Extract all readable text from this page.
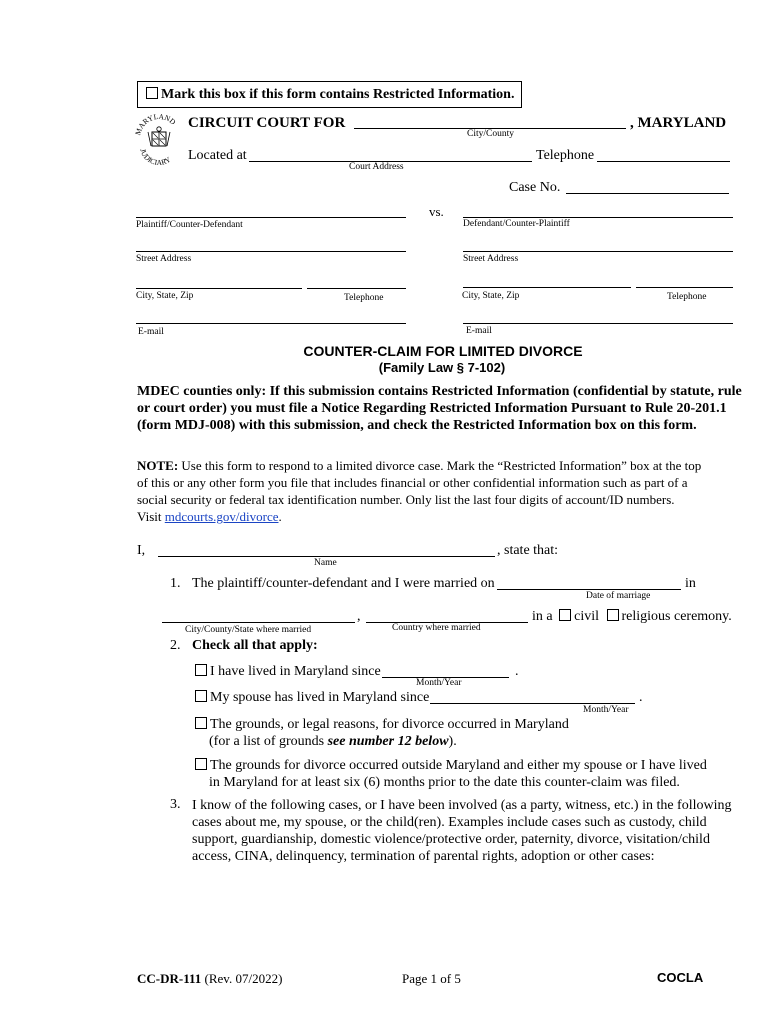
Mark this box if this form contains Restricted Information.
MARYLAND
JUDICIARY
CIRCUIT COURT FOR	, MARYLAND
City/County
Located at	Telephone
Court Address
Case No.
vs.
Plaintiff/Counter-Defendant
Street Address
City, State, Zip	Telephone
E-mail
Defendant/Counter-Plaintiff
Street Address
City, State, Zip	Telephone
E-mail
COUNTER-CLAIM FOR LIMITED DIVORCE
(Family Law § 7-102)
MDEC counties only: If this submission contains Restricted Information (confidential by statute, rule
or court order) you must file a Notice Regarding Restricted Information Pursuant to Rule 20-201.1
(form MDJ-008) with this submission, and check the Restricted Information box on this form.
NOTE: Use this form to respond to a limited divorce case. Mark the “Restricted Information” box at the top
of this or any other form you file that includes financial or other confidential information such as part of a
social security or federal tax identification number. Only list the last four digits of account/ID numbers.
Visit mdcourts.gov/divorce.
I,	, state that:
Name
1. The plaintiff/counter-defendant and I were married on	in
Date of marriage
,	in a civil religious ceremony.
City/County/State where married	Country where married
2. Check all that apply:
I have lived in Maryland since	.
Month/Year
My spouse has lived in Maryland since	.
Month/Year
The grounds, or legal reasons, for divorce occurred in Maryland
(for a list of grounds see number 12 below).
The grounds for divorce occurred outside Maryland and either my spouse or I have lived
in Maryland for at least six (6) months prior to the date this counter-claim was filed.
3. I know of the following cases, or I have been involved (as a party, witness, etc.) in the following
cases about me, my spouse, or the child(ren). Examples include cases such as custody, child
support, guardianship, domestic violence/protective order, paternity, divorce, visitation/child
access, CINA, delinquency, termination of parental rights, adoption or other cases:
CC-DR-111 (Rev. 07/2022)	Page 1 of 5	COCLA
